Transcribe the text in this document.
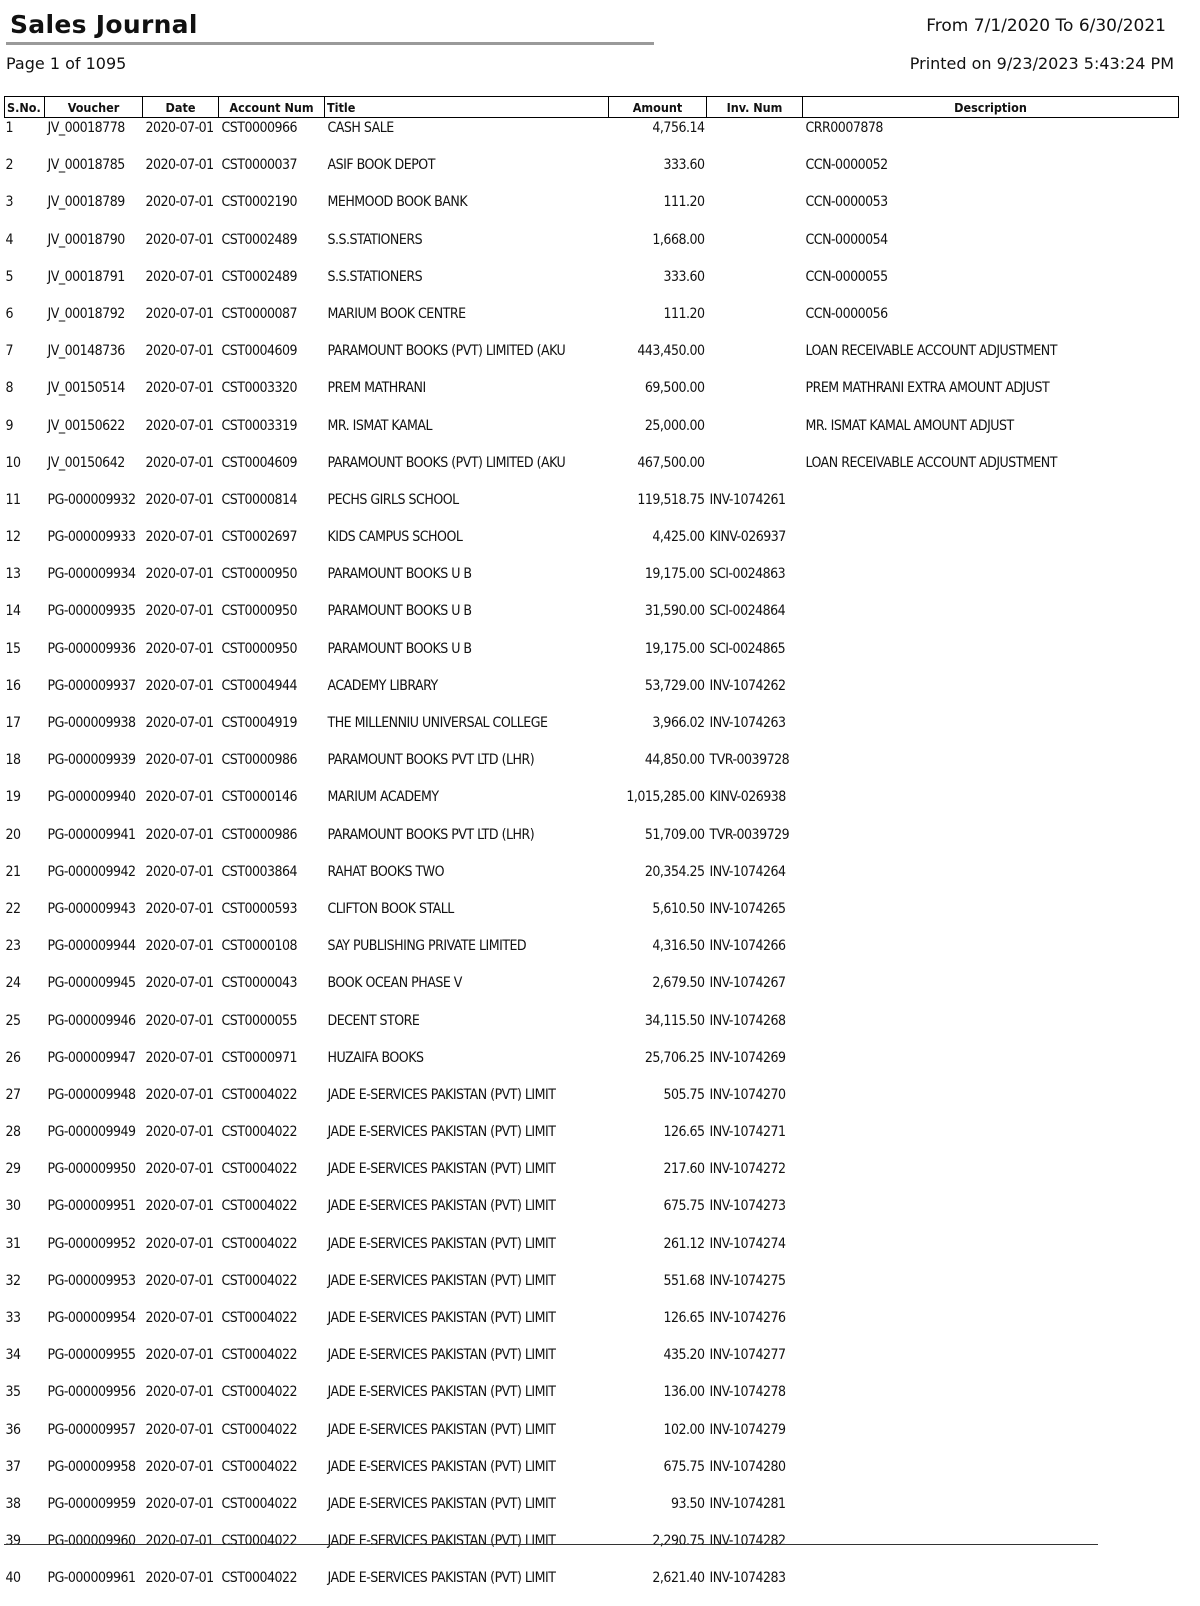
Sales Journal	From 7/1/2020 To 6/30/2021
Page 1 of 1095	Printed on 9/23/2023 5:43:24 PM
S.No.	Voucher	Date	Account Num	Title	Amount	Inv. Num	Description
1	JV_00018778	2020-07-01	CST0000966	CASH SALE	4,756.14		CRR0007878
2	JV_00018785	2020-07-01	CST0000037	ASIF BOOK DEPOT	333.60		CCN-0000052
3	JV_00018789	2020-07-01	CST0002190	MEHMOOD BOOK BANK	111.20		CCN-0000053
4	JV_00018790	2020-07-01	CST0002489	S.S.STATIONERS	1,668.00		CCN-0000054
5	JV_00018791	2020-07-01	CST0002489	S.S.STATIONERS	333.60		CCN-0000055
6	JV_00018792	2020-07-01	CST0000087	MARIUM BOOK CENTRE	111.20		CCN-0000056
7	JV_00148736	2020-07-01	CST0004609	PARAMOUNT BOOKS (PVT) LIMITED (AKU	443,450.00		LOAN RECEIVABLE ACCOUNT ADJUSTMENT
8	JV_00150514	2020-07-01	CST0003320	PREM MATHRANI	69,500.00		PREM MATHRANI EXTRA AMOUNT ADJUST
9	JV_00150622	2020-07-01	CST0003319	MR. ISMAT KAMAL	25,000.00		MR. ISMAT KAMAL AMOUNT ADJUST
10	JV_00150642	2020-07-01	CST0004609	PARAMOUNT BOOKS (PVT) LIMITED (AKU	467,500.00		LOAN RECEIVABLE ACCOUNT ADJUSTMENT
11	PG-000009932	2020-07-01	CST0000814	PECHS GIRLS SCHOOL	119,518.75	INV-1074261	
12	PG-000009933	2020-07-01	CST0002697	KIDS CAMPUS SCHOOL	4,425.00	KINV-026937	
13	PG-000009934	2020-07-01	CST0000950	PARAMOUNT BOOKS U B	19,175.00	SCI-0024863	
14	PG-000009935	2020-07-01	CST0000950	PARAMOUNT BOOKS U B	31,590.00	SCI-0024864	
15	PG-000009936	2020-07-01	CST0000950	PARAMOUNT BOOKS U B	19,175.00	SCI-0024865	
16	PG-000009937	2020-07-01	CST0004944	ACADEMY LIBRARY	53,729.00	INV-1074262	
17	PG-000009938	2020-07-01	CST0004919	THE MILLENNIU UNIVERSAL COLLEGE	3,966.02	INV-1074263	
18	PG-000009939	2020-07-01	CST0000986	PARAMOUNT BOOKS PVT LTD (LHR)	44,850.00	TVR-0039728	
19	PG-000009940	2020-07-01	CST0000146	MARIUM ACADEMY	1,015,285.00	KINV-026938	
20	PG-000009941	2020-07-01	CST0000986	PARAMOUNT BOOKS PVT LTD (LHR)	51,709.00	TVR-0039729	
21	PG-000009942	2020-07-01	CST0003864	RAHAT BOOKS TWO	20,354.25	INV-1074264	
22	PG-000009943	2020-07-01	CST0000593	CLIFTON BOOK STALL	5,610.50	INV-1074265	
23	PG-000009944	2020-07-01	CST0000108	SAY PUBLISHING PRIVATE LIMITED	4,316.50	INV-1074266	
24	PG-000009945	2020-07-01	CST0000043	BOOK OCEAN PHASE V	2,679.50	INV-1074267	
25	PG-000009946	2020-07-01	CST0000055	DECENT STORE	34,115.50	INV-1074268	
26	PG-000009947	2020-07-01	CST0000971	HUZAIFA BOOKS	25,706.25	INV-1074269	
27	PG-000009948	2020-07-01	CST0004022	JADE E-SERVICES PAKISTAN (PVT) LIMIT	505.75	INV-1074270	
28	PG-000009949	2020-07-01	CST0004022	JADE E-SERVICES PAKISTAN (PVT) LIMIT	126.65	INV-1074271	
29	PG-000009950	2020-07-01	CST0004022	JADE E-SERVICES PAKISTAN (PVT) LIMIT	217.60	INV-1074272	
30	PG-000009951	2020-07-01	CST0004022	JADE E-SERVICES PAKISTAN (PVT) LIMIT	675.75	INV-1074273	
31	PG-000009952	2020-07-01	CST0004022	JADE E-SERVICES PAKISTAN (PVT) LIMIT	261.12	INV-1074274	
32	PG-000009953	2020-07-01	CST0004022	JADE E-SERVICES PAKISTAN (PVT) LIMIT	551.68	INV-1074275	
33	PG-000009954	2020-07-01	CST0004022	JADE E-SERVICES PAKISTAN (PVT) LIMIT	126.65	INV-1074276	
34	PG-000009955	2020-07-01	CST0004022	JADE E-SERVICES PAKISTAN (PVT) LIMIT	435.20	INV-1074277	
35	PG-000009956	2020-07-01	CST0004022	JADE E-SERVICES PAKISTAN (PVT) LIMIT	136.00	INV-1074278	
36	PG-000009957	2020-07-01	CST0004022	JADE E-SERVICES PAKISTAN (PVT) LIMIT	102.00	INV-1074279	
37	PG-000009958	2020-07-01	CST0004022	JADE E-SERVICES PAKISTAN (PVT) LIMIT	675.75	INV-1074280	
38	PG-000009959	2020-07-01	CST0004022	JADE E-SERVICES PAKISTAN (PVT) LIMIT	93.50	INV-1074281	
39	PG-000009960	2020-07-01	CST0004022	JADE E-SERVICES PAKISTAN (PVT) LIMIT	2,290.75	INV-1074282	
40	PG-000009961	2020-07-01	CST0004022	JADE E-SERVICES PAKISTAN (PVT) LIMIT	2,621.40	INV-1074283	
